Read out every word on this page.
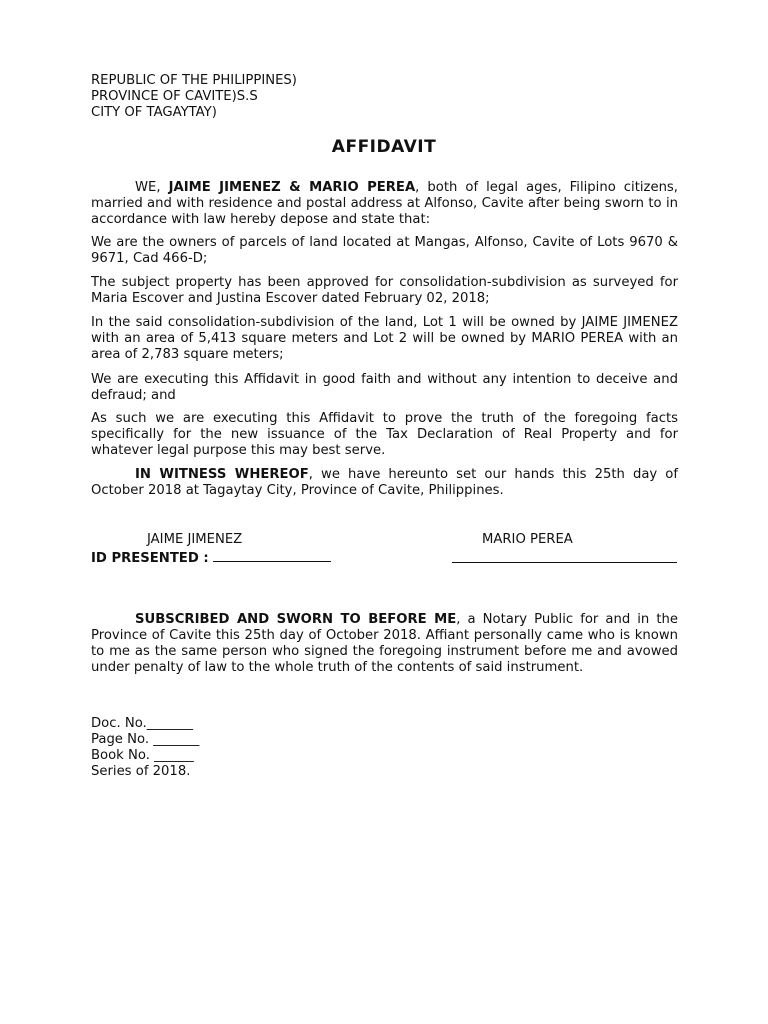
REPUBLIC OF THE PHILIPPINES)
PROVINCE OF CAVITE)S.S
CITY OF TAGAYTAY)
AFFIDAVIT

WE, JAIME JIMENEZ & MARIO PEREA, both of legal ages, Filipino citizens, married and with residence and postal address at Alfonso, Cavite after being sworn to in accordance with law hereby depose and state that:

We are the owners of parcels of land located at Mangas, Alfonso, Cavite of Lots 9670 & 9671, Cad 466-D;

The subject property has been approved for consolidation-subdivision as surveyed for Maria Escover and Justina Escover dated February 02, 2018;

In the said consolidation-subdivision of the land, Lot 1 will be owned by JAIME JIMENEZ with an area of 5,413 square meters and Lot 2 will be owned by MARIO PEREA with an area of 2,783 square meters;

We are executing this Affidavit in good faith and without any intention to deceive and defraud; and

As such we are executing this Affidavit to prove the truth of the foregoing facts specifically for the new issuance of the Tax Declaration of Real Property and for whatever legal purpose this may best serve.

IN WITNESS WHEREOF, we have hereunto set our hands this 25th day of October 2018 at Tagaytay City, Province of Cavite, Philippines.

JAIME JIMENEZ	MARIO PEREA
ID PRESENTED :

SUBSCRIBED AND SWORN TO BEFORE ME, a Notary Public for and in the Province of Cavite this 25th day of October 2018. Affiant personally came who is known to me as the same person who signed the foregoing instrument before me and avowed under penalty of law to the whole truth of the contents of said instrument.

Doc. No._______
Page No. _______
Book No. ______
Series of 2018.
